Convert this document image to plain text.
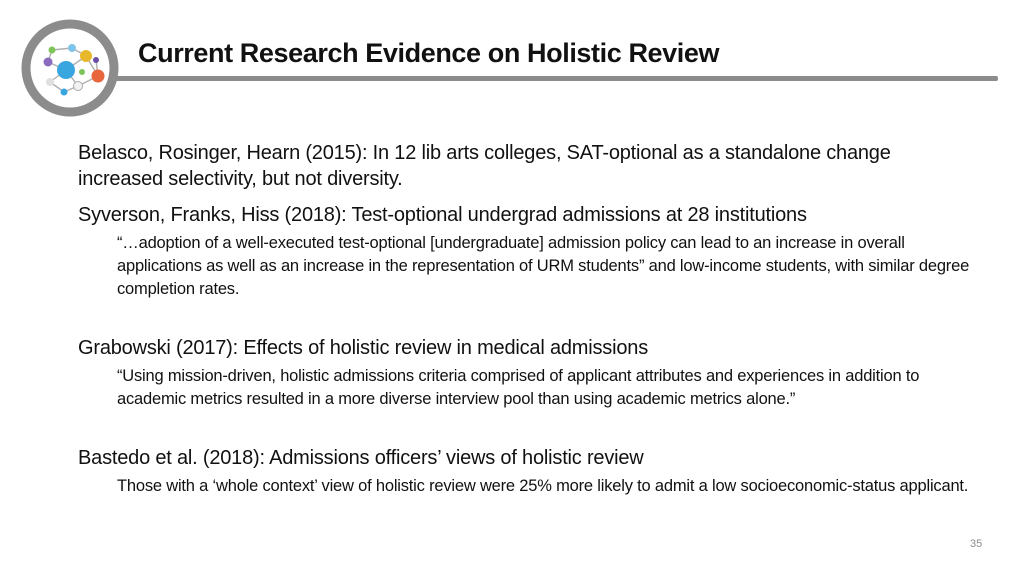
Current Research Evidence on Holistic Review

Belasco, Rosinger, Hearn (2015): In 12 lib arts colleges, SAT-optional as a standalone change increased selectivity, but not diversity.

Syverson, Franks, Hiss (2018): Test-optional undergrad admissions at 28 institutions

“…adoption of a well-executed test-optional [undergraduate] admission policy can lead to an increase in overall applications as well as an increase in the representation of URM students” and low-income students, with similar degree completion rates.

Grabowski (2017): Effects of holistic review in medical admissions

“Using mission-driven, holistic admissions criteria comprised of applicant attributes and experiences in addition to academic metrics resulted in a more diverse interview pool than using academic metrics alone.”

Bastedo et al. (2018): Admissions officers’ views of holistic review

Those with a ‘whole context’ view of holistic review were 25% more likely to admit a low socioeconomic-status applicant.

35
